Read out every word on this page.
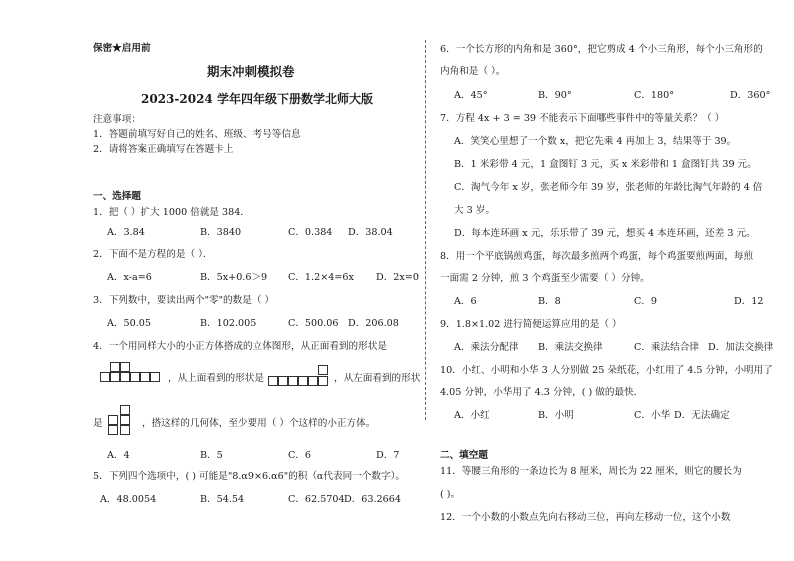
保密★启用前
期末冲刺模拟卷
2023-2024 学年四年级下册数学北师大版
注意事项：
1．答题前填写好自己的姓名、班级、考号等信息
2．请将答案正确填写在答题卡上
一、选择题
1．把（ ）扩大 1000 倍就是 384．
A．3.84	B．3840	C．0.384 D．38.04
2．下面不是方程的是（ ）．
A．x-a=6	B．5x+0.6＞9 C．1.2×4=6x D．2x=0
3．下列数中，要读出两个"零"的数是（ ）
A．50.05	B．102.005	C．500.06 D．206.08
4．一个用同样大小的小正方体搭成的立体图形，从正面看到的形状是
，从上面看到的形状是	，从左面看到的形状
是	，搭这样的几何体，至少要用（ ）个这样的小正方体。
A．4	B．5	C．6	D．7
5．下列四个选项中，( ) 可能是"8.α9×6.α6"的积（α代表同一个数字）。
A．48.0054	B．54.54	C．62.5704 D．63.2664
6．一个长方形的内角和是 360°，把它剪成 4 个小三角形，每个小三角形的
内角和是（ ）。
A．45°	B．90°	C．180°	D．360°
7．方程 4x + 3 = 39 不能表示下面哪些事件中的等量关系？（ ）
A．笑笑心里想了一个数 x，把它先乘 4 再加上 3，结果等于 39。
B．1 米彩带 4 元，1 盒图钉 3 元，买 x 米彩带和 1 盒图钉共 39 元。
C．淘气今年 x 岁，张老师今年 39 岁，张老师的年龄比淘气年龄的 4 倍
大 3 岁。
D．每本连环画 x 元，乐乐带了 39 元，想买 4 本连环画，还差 3 元。
8．用一个平底锅煎鸡蛋，每次最多煎两个鸡蛋，每个鸡蛋要煎两面，每煎
一面需 2 分钟，煎 3 个鸡蛋至少需要（ ）分钟。
A．6	B．8	C．9	D．12
9．1.8×1.02 进行简便运算应用的是（ ）
A．乘法分配律 B．乘法交换律	C．乘法结合律 D．加法交换律
10．小红、小明和小华 3 人分别做 25 朵纸花，小红用了 4.5 分钟，小明用了
4.05 分钟，小华用了 4.3 分钟，( ) 做的最快．
A．小红	B．小明	C．小华 D．无法确定
二、填空题
11．等腰三角形的一条边长为 8 厘米，周长为 22 厘米，则它的腰长为
( )。
12．一个小数的小数点先向右移动三位，再向左移动一位，这个小数
